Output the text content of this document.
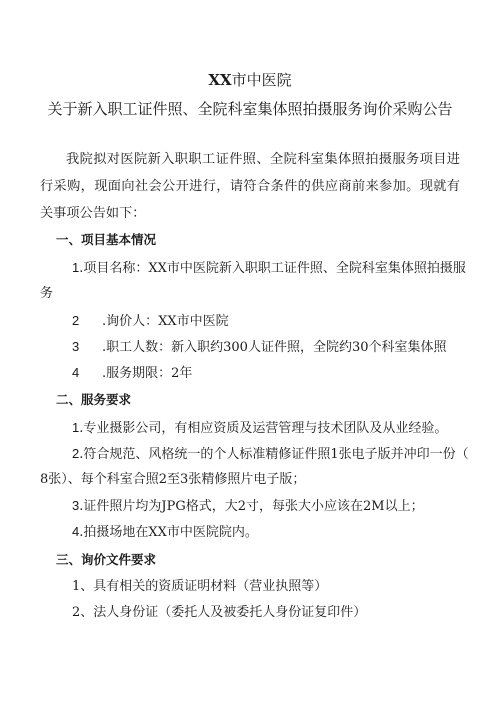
XX市中医院
关于新入职工证件照、全院科室集体照拍摄服务询价采购公告
我院拟对医院新入职职工证件照、全院科室集体照拍摄服务项目进行采购，现面向社会公开进行，请符合条件的供应商前来参加。现就有关事项公告如下：
一、项目基本情况
1.项目名称：XX市中医院新入职职工证件照、全院科室集体照拍摄服
务
2 .询价人：XX市中医院
3 .职工人数：新入职约300人证件照，全院约30个科室集体照
4 .服务期限：2年
二、服务要求
1.专业摄影公司，有相应资质及运营管理与技术团队及从业经验。
2.符合规范、风格统一的个人标准精修证件照1张电子版并冲印一份（
8张）、每个科室合照2至3张精修照片电子版；
3.证件照片均为JPG格式，大2寸，每张大小应该在2M以上；
4.拍摄场地在XX市中医院院内。
三、询价文件要求
1、具有相关的资质证明材料（营业执照等）
2、法人身份证（委托人及被委托人身份证复印件）
